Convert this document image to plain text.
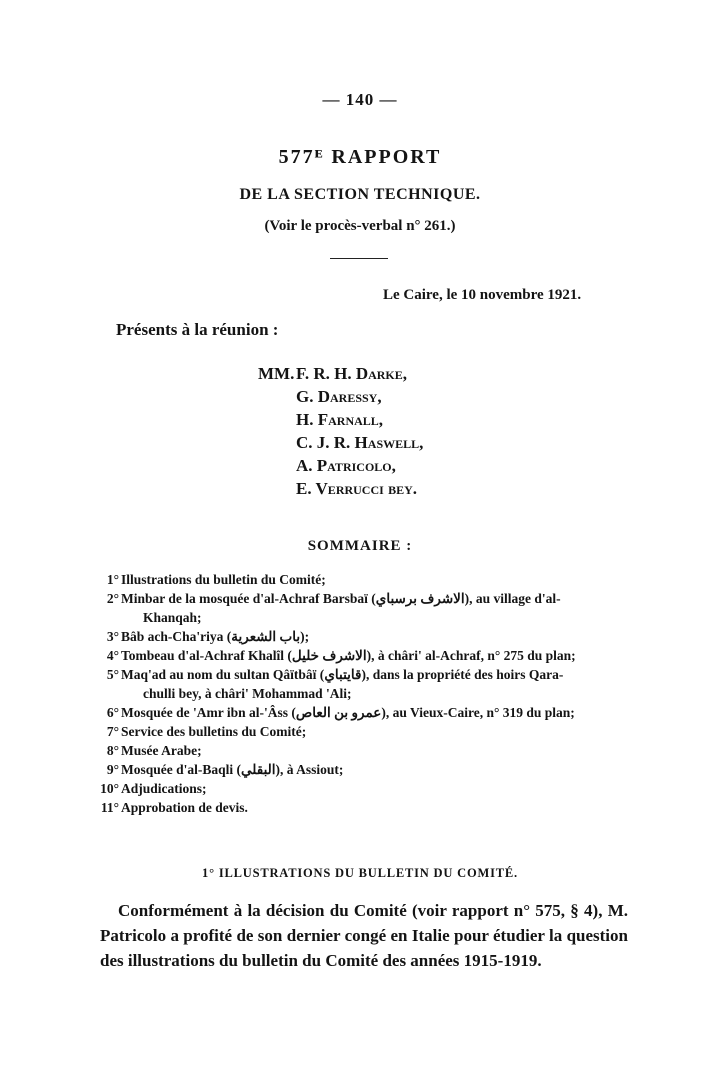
— 140 —
577ᴱ RAPPORT
DE LA SECTION TECHNIQUE.
(Voir le procès-verbal n° 261.)
Le Caire, le 10 novembre 1921.
Présents à la réunion :
MM.F. R. H. Darke,
G. Daressy,
H. Farnall,
C. J. R. Haswell,
A. Patricolo,
E. Verrucci bey.
SOMMAIRE :
1° Illustrations du bulletin du Comité;
2° Minbar de la mosquée d'al-Achraf Barsbaï (الاشرف برسباي), au village d'al-
Khanqah;
3° Bâb ach-Cha'riya (باب الشعرية);
4° Tombeau d'al-Achraf Khalîl (الاشرف خليل), à châri' al-Achraf, n° 275 du plan;
5° Maq'ad au nom du sultan Qâïtbâï (قايتباي), dans la propriété des hoirs Qara-
chulli bey, à châri' Mohammad 'Ali;
6° Mosquée de 'Amr ibn al-'Âss (عمرو بن العاص), au Vieux-Caire, n° 319 du plan;
7° Service des bulletins du Comité;
8° Musée Arabe;
9° Mosquée d'al-Baqli (البقلي), à Assiout;
10° Adjudications;
11° Approbation de devis.
1° ILLUSTRATIONS DU BULLETIN DU COMITÉ.
Conformément à la décision du Comité (voir rapport n° 575, § 4), M. Patricolo a profité de son dernier congé en Italie pour étudier la question des illustrations du bulletin du Comité des années 1915-1919.
